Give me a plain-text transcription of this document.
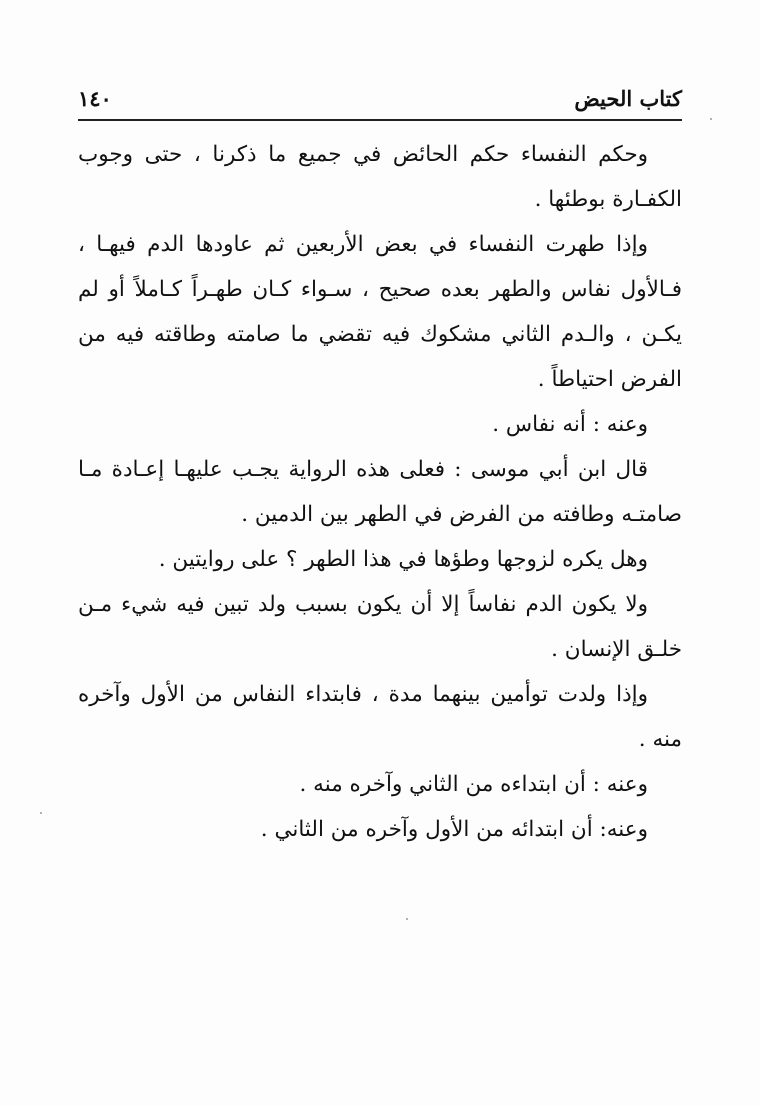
كتاب الحيض
١٤٠

وحكم النفساء حكم الحائض في جميع ما ذكرنا ، حتى وجوب الكفـارة بوطئها .

وإذا طهرت النفساء في بعض الأربعين ثم عاودها الدم فيهـا ، فـالأول نفاس والطهر بعده صحيح ، سـواء كـان طهـراً كـاملاً أو لم يكـن ، والـدم الثاني مشكوك فيه تقضي ما صامته وطاقته فيه من الفرض احتياطاً .

وعنه : أنه نفاس .

قال ابن أبي موسى : فعلى هذه الرواية يجـب عليهـا إعـادة مـا صامتـه وطافته من الفرض في الطهر بين الدمين .

وهل يكره لزوجها وطؤها في هذا الطهر ؟ على روايتين .

ولا يكون الدم نفاساً إلا أن يكون بسبب ولد تبين فيه شيء مـن خلـق الإنسان .

وإذا ولدت توأمين بينهما مدة ، فابتداء النفاس من الأول وآخره منه .

وعنه : أن ابتداءه من الثاني وآخره منه .

وعنه: أن ابتدائه من الأول وآخره من الثاني .
